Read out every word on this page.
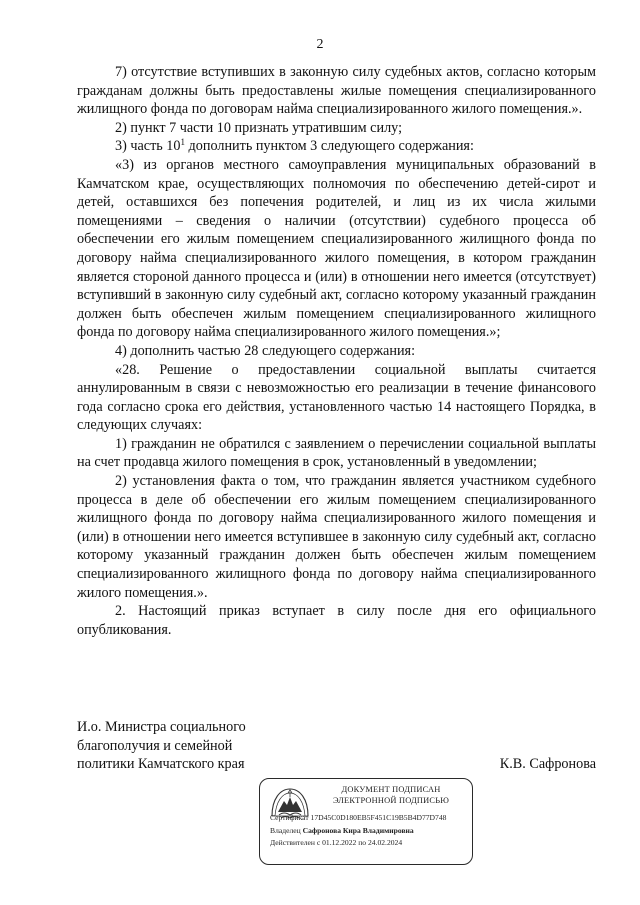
2

7) отсутствие вступивших в законную силу судебных актов, согласно которым гражданам должны быть предоставлены жилые помещения специализированного жилищного фонда по договорам найма специализированного жилого помещения.».

2) пункт 7 части 10 признать утратившим силу;

3) часть $10^1$ дополнить пунктом 3 следующего содержания:

«3) из органов местного самоуправления муниципальных образований в Камчатском крае, осуществляющих полномочия по обеспечению детей-сирот и детей, оставшихся без попечения родителей, и лиц из их числа жилыми помещениями – сведения о наличии (отсутствии) судебного процесса об обеспечении его жилым помещением специализированного жилищного фонда по договору найма специализированного жилого помещения, в котором гражданин является стороной данного процесса и (или) в отношении него имеется (отсутствует) вступивший в законную силу судебный акт, согласно которому указанный гражданин должен быть обеспечен жилым помещением специализированного жилищного фонда по договору найма специализированного жилого помещения.»;

4) дополнить частью 28 следующего содержания:

«28. Решение о предоставлении социальной выплаты считается аннулированным в связи с невозможностью его реализации в течение финансового года согласно срока его действия, установленного частью 14 настоящего Порядка, в следующих случаях:

1) гражданин не обратился с заявлением о перечислении социальной выплаты на счет продавца жилого помещения в срок, установленный в уведомлении;

2) установления факта о том, что гражданин является участником судебного процесса в деле об обеспечении его жилым помещением специализированного жилищного фонда по договору найма специализированного жилого помещения и (или) в отношении него имеется вступившее в законную силу судебный акт, согласно которому указанный гражданин должен быть обеспечен жилым помещением специализированного жилищного фонда по договору найма специализированного жилого помещения.».

2. Настоящий приказ вступает в силу после дня его официального опубликования.

И.о. Министра социального
благополучия и семейной
политики Камчатского края	К.В. Сафронова
ДОКУМЕНТ ПОДПИСАН
ЭЛЕКТРОННОЙ ПОДПИСЬЮ
Сертификат 17D45C0D180EB5F451C19B5B4D77D748
Владелец Сафронова Кира Владимировна
Действителен с 01.12.2022 по 24.02.2024
